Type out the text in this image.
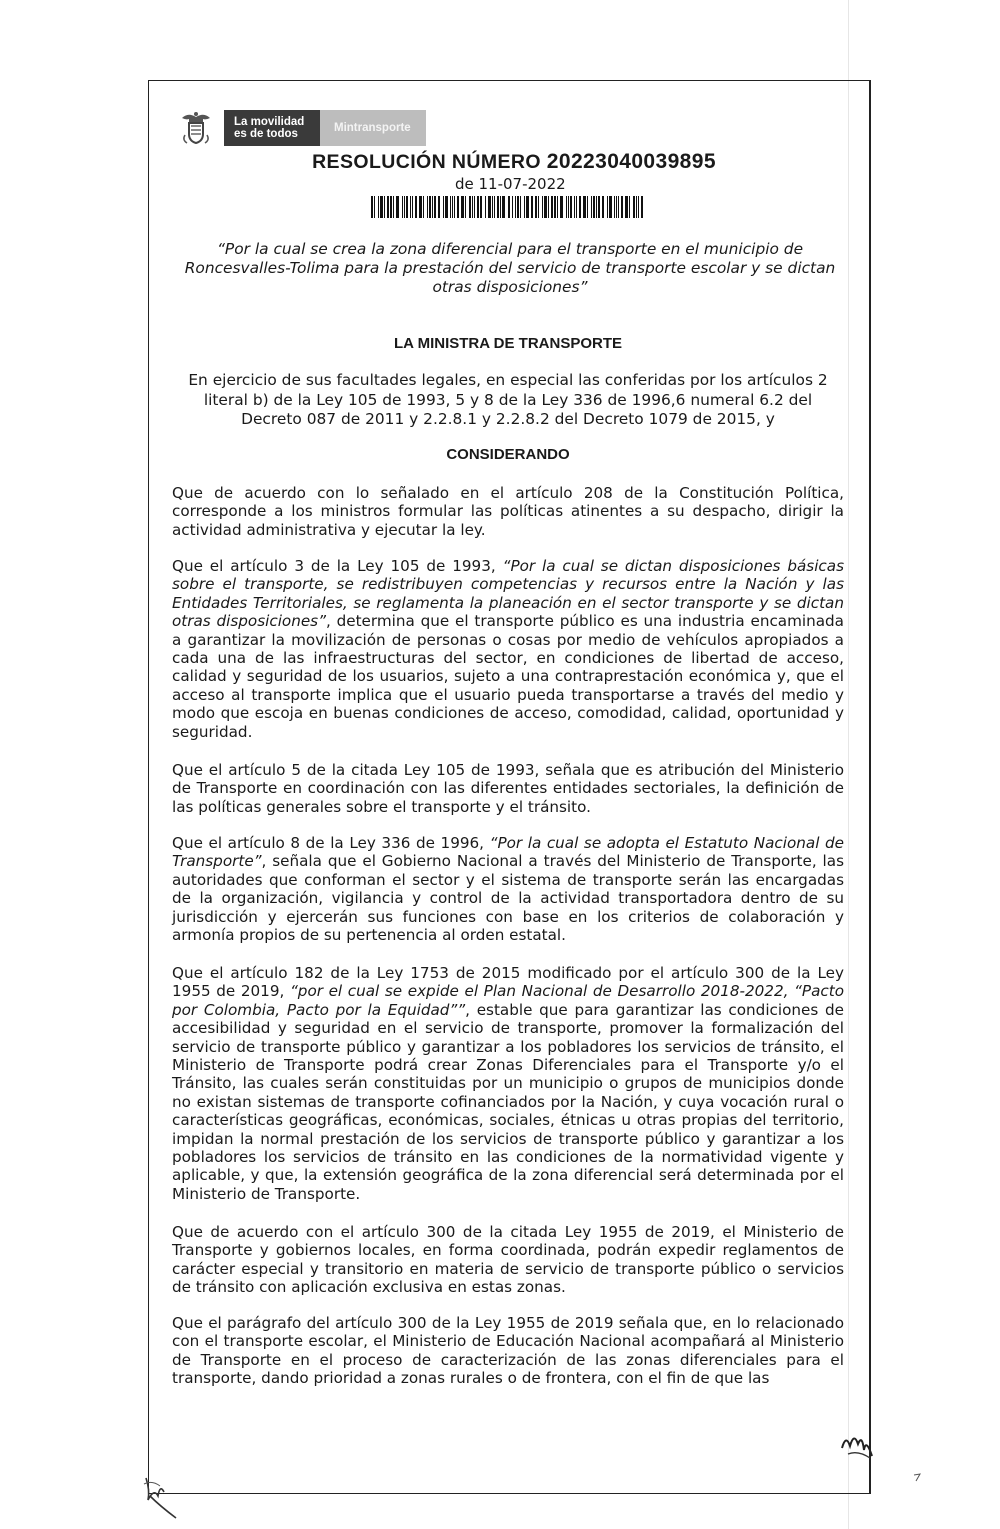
La movilidad
es de todos	Mintransporte
RESOLUCIÓN NÚMERO 20223040039895
de 11-07-2022
“Por la cual se crea la zona diferencial para el transporte en el municipio de Roncesvalles-Tolima para la prestación del servicio de transporte escolar y se dictan otras disposiciones”
LA MINISTRA DE TRANSPORTE
En ejercicio de sus facultades legales, en especial las conferidas por los artículos 2 literal b) de la Ley 105 de 1993, 5 y 8 de la Ley 336 de 1996,6 numeral 6.2 del Decreto 087 de 2011 y 2.2.8.1 y 2.2.8.2 del Decreto 1079 de 2015, y
CONSIDERANDO
Que de acuerdo con lo señalado en el artículo 208 de la Constitución Política, corresponde a los ministros formular las políticas atinentes a su despacho, dirigir la actividad administrativa y ejecutar la ley.
Que el artículo 3 de la Ley 105 de 1993, “Por la cual se dictan disposiciones básicas sobre el transporte, se redistribuyen competencias y recursos entre la Nación y las Entidades Territoriales, se reglamenta la planeación en el sector transporte y se dictan otras disposiciones”, determina que el transporte público es una industria encaminada a garantizar la movilización de personas o cosas por medio de vehículos apropiados a cada una de las infraestructuras del sector, en condiciones de libertad de acceso, calidad y seguridad de los usuarios, sujeto a una contraprestación económica y, que el acceso al transporte implica que el usuario pueda transportarse a través del medio y modo que escoja en buenas condiciones de acceso, comodidad, calidad, oportunidad y seguridad.
Que el artículo 5 de la citada Ley 105 de 1993, señala que es atribución del Ministerio de Transporte en coordinación con las diferentes entidades sectoriales, la definición de las políticas generales sobre el transporte y el tránsito.
Que el artículo 8 de la Ley 336 de 1996, “Por la cual se adopta el Estatuto Nacional de Transporte”, señala que el Gobierno Nacional a través del Ministerio de Transporte, las autoridades que conforman el sector y el sistema de transporte serán las encargadas de la organización, vigilancia y control de la actividad transportadora dentro de su jurisdicción y ejercerán sus funciones con base en los criterios de colaboración y armonía propios de su pertenencia al orden estatal.
Que el artículo 182 de la Ley 1753 de 2015 modificado por el artículo 300 de la Ley 1955 de 2019, “por el cual se expide el Plan Nacional de Desarrollo 2018-2022, “Pacto por Colombia, Pacto por la Equidad””, estable que para garantizar las condiciones de accesibilidad y seguridad en el servicio de transporte, promover la formalización del servicio de transporte público y garantizar a los pobladores los servicios de tránsito, el Ministerio de Transporte podrá crear Zonas Diferenciales para el Transporte y/o el Tránsito, las cuales serán constituidas por un municipio o grupos de municipios donde no existan sistemas de transporte cofinanciados por la Nación, y cuya vocación rural o características geográficas, económicas, sociales, étnicas u otras propias del territorio, impidan la normal prestación de los servicios de transporte público y garantizar a los pobladores los servicios de tránsito en las condiciones de la normatividad vigente y aplicable, y que, la extensión geográfica de la zona diferencial será determinada por el Ministerio de Transporte.
Que de acuerdo con el artículo 300 de la citada Ley 1955 de 2019, el Ministerio de Transporte y gobiernos locales, en forma coordinada, podrán expedir reglamentos de carácter especial y transitorio en materia de servicio de transporte público o servicios de tránsito con aplicación exclusiva en estas zonas.
Que el parágrafo del artículo 300 de la Ley 1955 de 2019 señala que, en lo relacionado con el transporte escolar, el Ministerio de Educación Nacional acompañará al Ministerio de Transporte en el proceso de caracterización de las zonas diferenciales para el transporte, dando prioridad a zonas rurales o de frontera, con el fin de que las
